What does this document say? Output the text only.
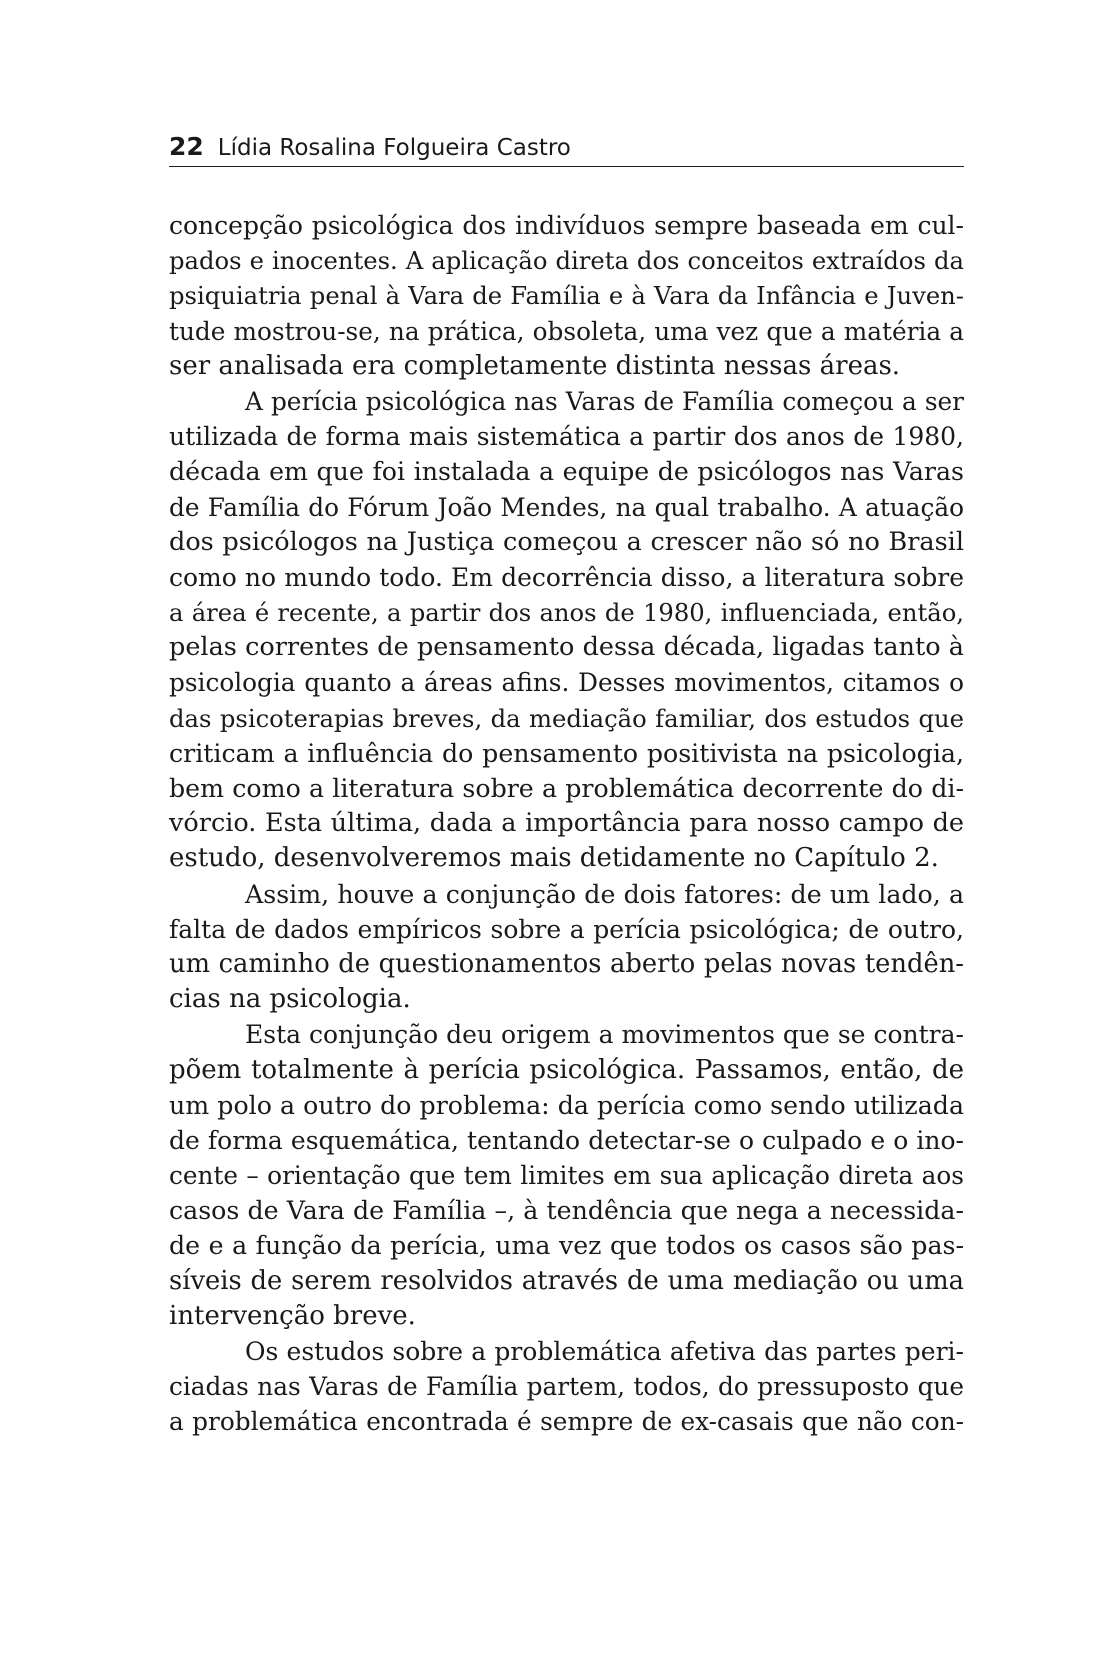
22 Lídia Rosalina Folgueira Castro
concepção psicológica dos indivíduos sempre baseada em cul-
pados e inocentes. A aplicação direta dos conceitos extraídos da
psiquiatria penal à Vara de Família e à Vara da Infância e Juven-
tude mostrou-se, na prática, obsoleta, uma vez que a matéria a
ser analisada era completamente distinta nessas áreas.
A perícia psicológica nas Varas de Família começou a ser
utilizada de forma mais sistemática a partir dos anos de 1980,
década em que foi instalada a equipe de psicólogos nas Varas
de Família do Fórum João Mendes, na qual trabalho. A atuação
dos psicólogos na Justiça começou a crescer não só no Brasil
como no mundo todo. Em decorrência disso, a literatura sobre
a área é recente, a partir dos anos de 1980, influenciada, então,
pelas correntes de pensamento dessa década, ligadas tanto à
psicologia quanto a áreas afins. Desses movimentos, citamos o
das psicoterapias breves, da mediação familiar, dos estudos que
criticam a influência do pensamento positivista na psicologia,
bem como a literatura sobre a problemática decorrente do di-
vórcio. Esta última, dada a importância para nosso campo de
estudo, desenvolveremos mais detidamente no Capítulo 2.
Assim, houve a conjunção de dois fatores: de um lado, a
falta de dados empíricos sobre a perícia psicológica; de outro,
um caminho de questionamentos aberto pelas novas tendên-
cias na psicologia.
Esta conjunção deu origem a movimentos que se contra-
põem totalmente à perícia psicológica. Passamos, então, de
um polo a outro do problema: da perícia como sendo utilizada
de forma esquemática, tentando detectar-se o culpado e o ino-
cente – orientação que tem limites em sua aplicação direta aos
casos de Vara de Família –, à tendência que nega a necessida-
de e a função da perícia, uma vez que todos os casos são pas-
síveis de serem resolvidos através de uma mediação ou uma
intervenção breve.
Os estudos sobre a problemática afetiva das partes peri-
ciadas nas Varas de Família partem, todos, do pressuposto que
a problemática encontrada é sempre de ex-casais que não con-
